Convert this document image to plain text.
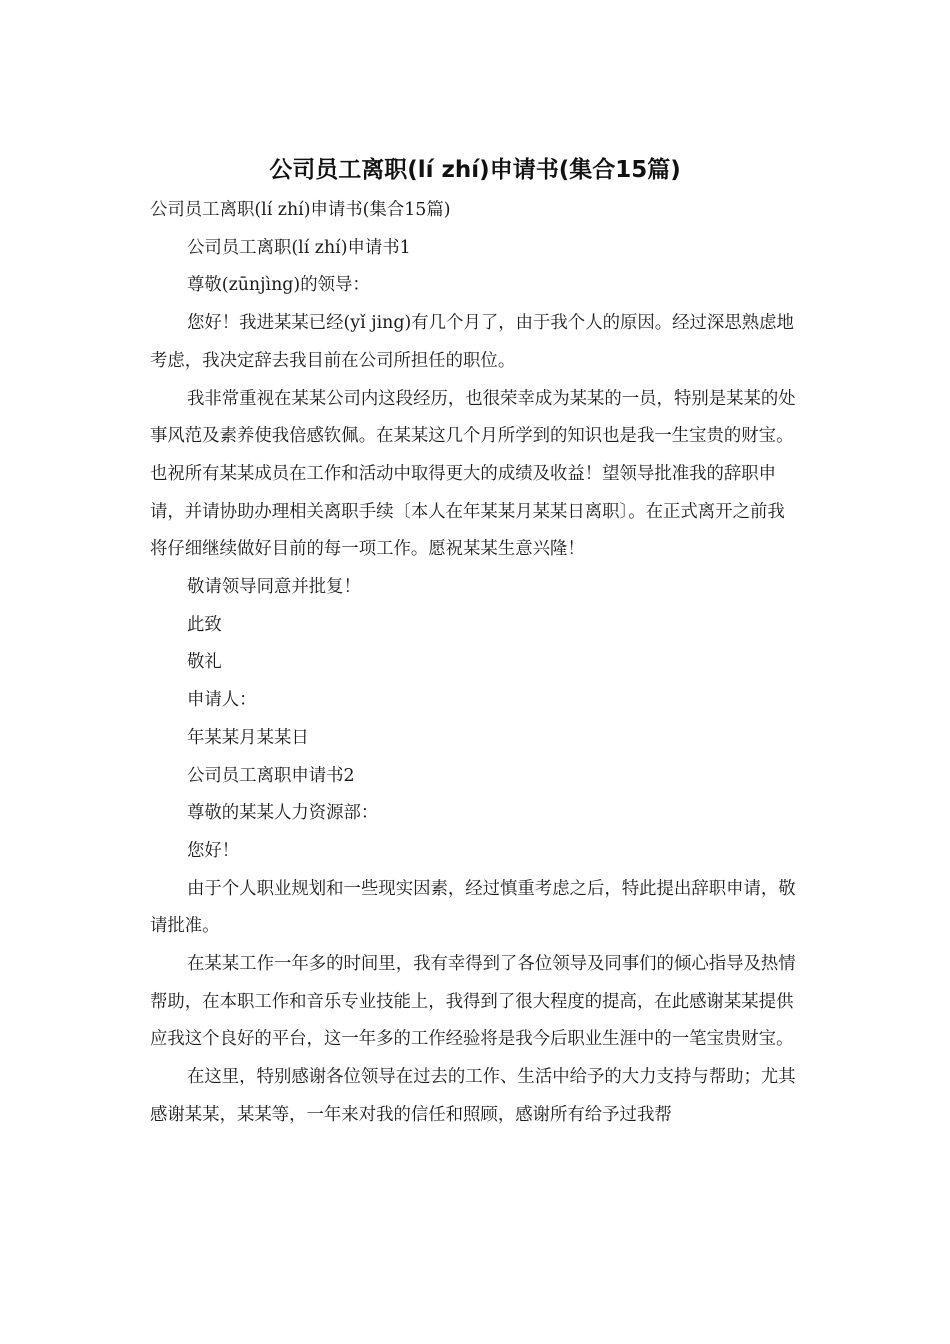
公司员工离职(lí zhí)申请书(集合15篇)

公司员工离职(lí zhí)申请书(集合15篇)

公司员工离职(lí zhí)申请书1

尊敬(zūnjìng)的领导：

您好！我进某某已经(yǐ jing)有几个月了，由于我个人的原因。经过深思熟虑地考虑，我决定辞去我目前在公司所担任的职位。

我非常重视在某某公司内这段经历，也很荣幸成为某某的一员，特别是某某的处事风范及素养使我倍感钦佩。在某某这几个月所学到的知识也是我一生宝贵的财宝。也祝所有某某成员在工作和活动中取得更大的成绩及收益！望领导批准我的辞职申请，并请协助办理相关离职手续〔本人在年某某月某某日离职〕。在正式离开之前我将仔细继续做好目前的每一项工作。愿祝某某生意兴隆！

敬请领导同意并批复！

此致

敬礼

申请人：

年某某月某某日

公司员工离职申请书2

尊敬的某某人力资源部：

您好！

由于个人职业规划和一些现实因素，经过慎重考虑之后，特此提出辞职申请，敬请批准。

在某某工作一年多的时间里，我有幸得到了各位领导及同事们的倾心指导及热情帮助，在本职工作和音乐专业技能上，我得到了很大程度的提高，在此感谢某某提供应我这个良好的平台，这一年多的工作经验将是我今后职业生涯中的一笔宝贵财宝。

在这里，特别感谢各位领导在过去的工作、生活中给予的大力支持与帮助；尤其感谢某某，某某等，一年来对我的信任和照顾，感谢所有给予过我帮
